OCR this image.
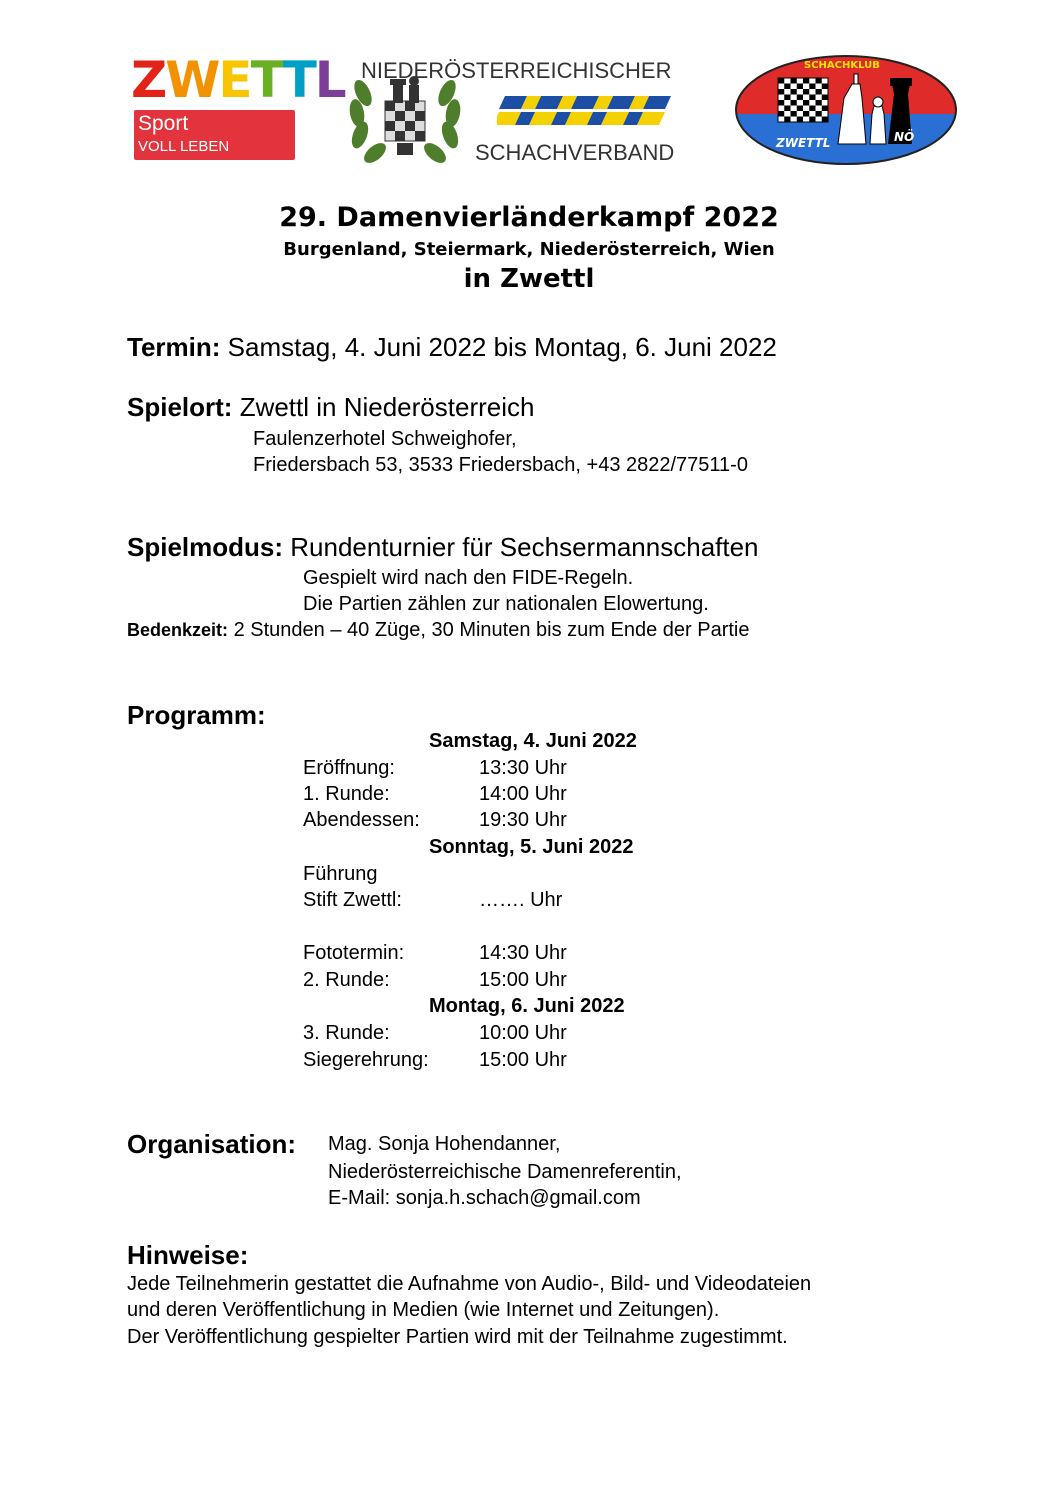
Z W E T T L
Sport
VOLL LEBEN
NIEDERÖSTERREICHISCHER
SCHACHVERBAND
SCHACHKLUB
ZWETTL	NÖ
29. Damenvierländerkampf 2022
Burgenland, Steiermark, Niederösterreich, Wien
in Zwettl
Termin: Samstag, 4. Juni 2022 bis Montag, 6. Juni 2022
Spielort: Zwettl in Niederösterreich
Faulenzerhotel Schweighofer,
Friedersbach 53, 3533 Friedersbach, +43 2822/77511-0
Spielmodus: Rundenturnier für Sechsermannschaften
Gespielt wird nach den FIDE-Regeln.
Die Partien zählen zur nationalen Elowertung.
Bedenkzeit: 2 Stunden – 40 Züge, 30 Minuten bis zum Ende der Partie
Programm:
Samstag, 4. Juni 2022
Eröffnung:	13:30 Uhr
1. Runde:	14:00 Uhr
Abendessen:	19:30 Uhr
Sonntag, 5. Juni 2022
Führung
Stift Zwettl:	……. Uhr
Fototermin:	14:30 Uhr
2. Runde:	15:00 Uhr
Montag, 6. Juni 2022
3. Runde:	10:00 Uhr
Siegerehrung:	15:00 Uhr
Organisation: Mag. Sonja Hohendanner,
Niederösterreichische Damenreferentin,
E-Mail: sonja.h.schach@gmail.com
Hinweise:
Jede Teilnehmerin gestattet die Aufnahme von Audio-, Bild- und Videodateien
und deren Veröffentlichung in Medien (wie Internet und Zeitungen).
Der Veröffentlichung gespielter Partien wird mit der Teilnahme zugestimmt.
